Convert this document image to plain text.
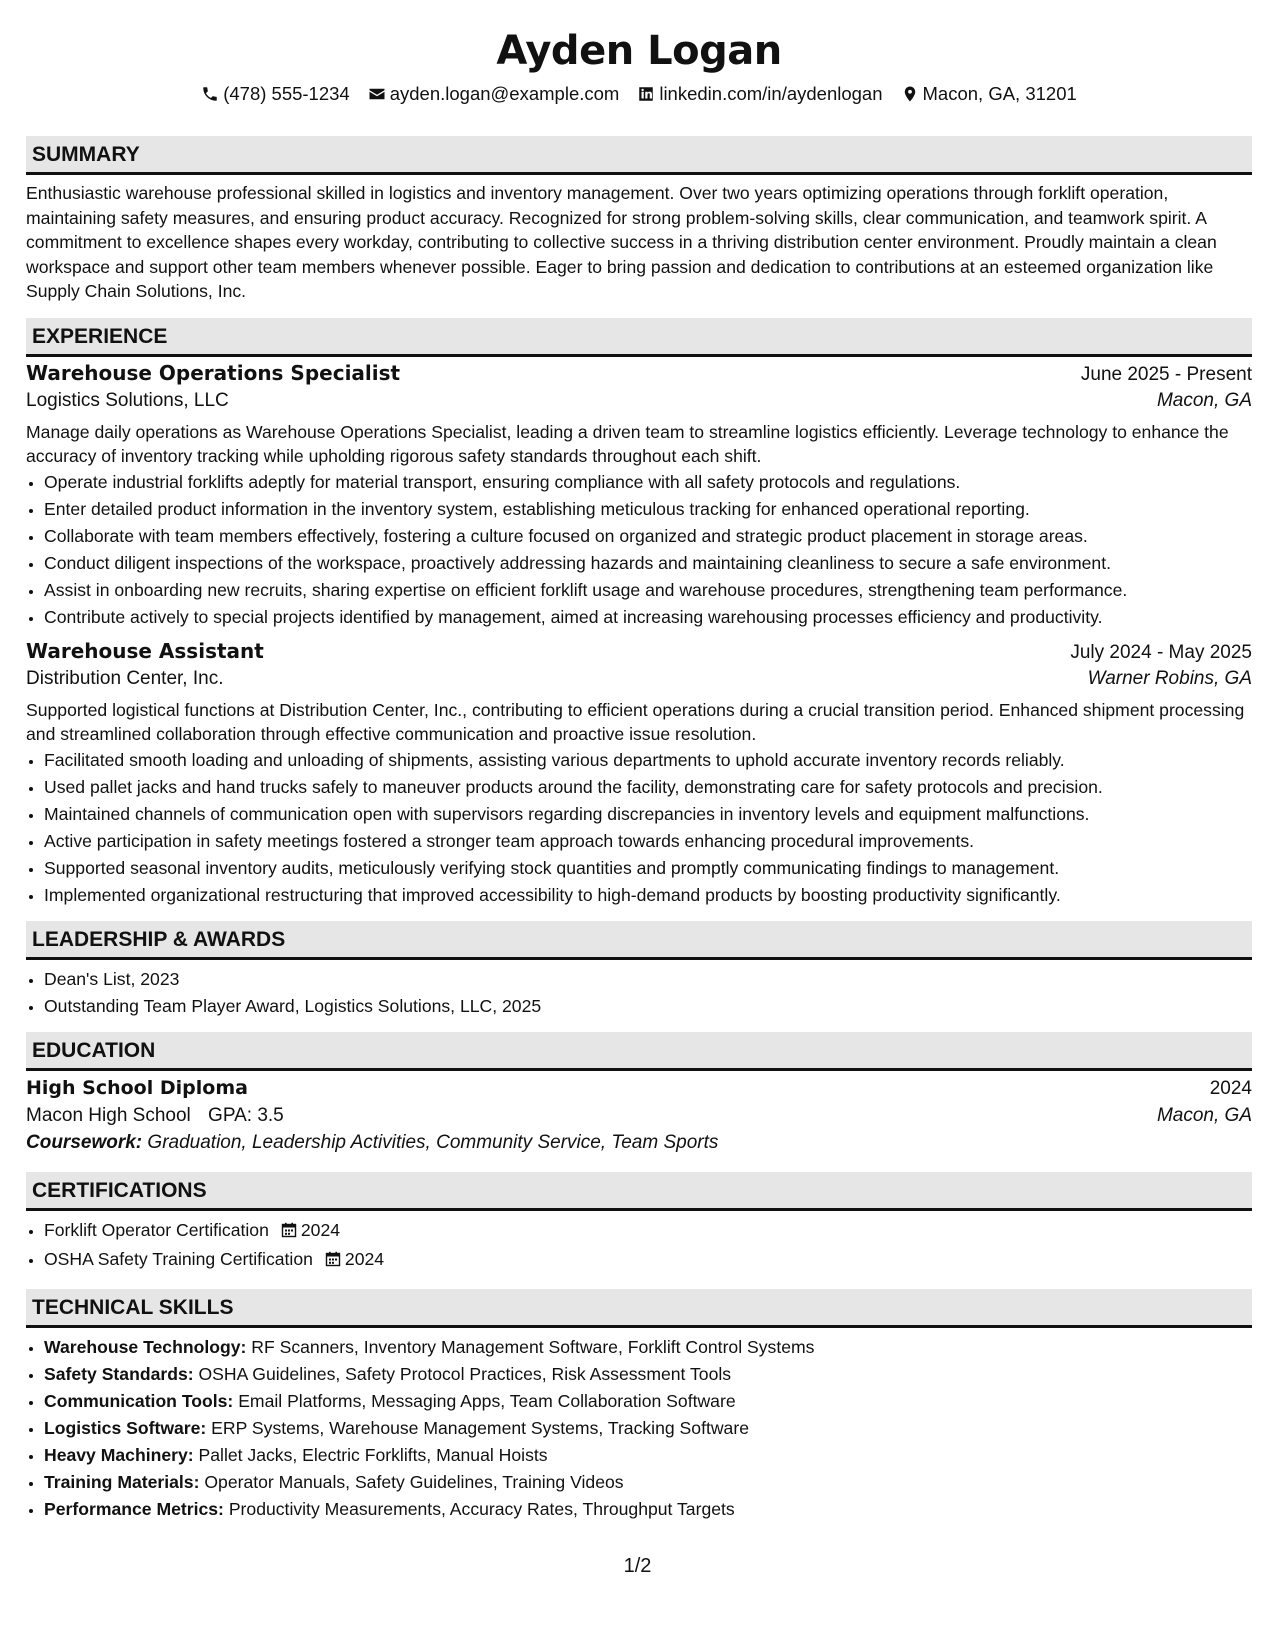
Ayden Logan
(478) 555-1234 ayden.logan@example.com linkedin.com/in/aydenlogan Macon, GA, 31201
SUMMARY

Enthusiastic warehouse professional skilled in logistics and inventory management. Over two years optimizing operations through forklift operation, maintaining safety measures, and ensuring product accuracy. Recognized for strong problem-solving skills, clear communication, and teamwork spirit. A commitment to excellence shapes every workday, contributing to collective success in a thriving distribution center environment. Proudly maintain a clean workspace and support other team members whenever possible. Eager to bring passion and dedication to contributions at an esteemed organization like Supply Chain Solutions, Inc.

EXPERIENCE
Warehouse Operations Specialist	June 2025 - Present
Logistics Solutions, LLC	Macon, GA

Manage daily operations as Warehouse Operations Specialist, leading a driven team to streamline logistics efficiently. Leverage technology to enhance the accuracy of inventory tracking while upholding rigorous safety standards throughout each shift.

• Operate industrial forklifts adeptly for material transport, ensuring compliance with all safety protocols and regulations.
• Enter detailed product information in the inventory system, establishing meticulous tracking for enhanced operational reporting.
• Collaborate with team members effectively, fostering a culture focused on organized and strategic product placement in storage areas.
• Conduct diligent inspections of the workspace, proactively addressing hazards and maintaining cleanliness to secure a safe environment.
• Assist in onboarding new recruits, sharing expertise on efficient forklift usage and warehouse procedures, strengthening team performance.
• Contribute actively to special projects identified by management, aimed at increasing warehousing processes efficiency and productivity.
Warehouse Assistant	July 2024 - May 2025
Distribution Center, Inc.	Warner Robins, GA

Supported logistical functions at Distribution Center, Inc., contributing to efficient operations during a crucial transition period. Enhanced shipment processing and streamlined collaboration through effective communication and proactive issue resolution.

• Facilitated smooth loading and unloading of shipments, assisting various departments to uphold accurate inventory records reliably.
• Used pallet jacks and hand trucks safely to maneuver products around the facility, demonstrating care for safety protocols and precision.
• Maintained channels of communication open with supervisors regarding discrepancies in inventory levels and equipment malfunctions.
• Active participation in safety meetings fostered a stronger team approach towards enhancing procedural improvements.
• Supported seasonal inventory audits, meticulously verifying stock quantities and promptly communicating findings to management.
• Implemented organizational restructuring that improved accessibility to high-demand products by boosting productivity significantly.
LEADERSHIP & AWARDS
• Dean's List, 2023
• Outstanding Team Player Award, Logistics Solutions, LLC, 2025
EDUCATION
High School Diploma	2024
Macon High School GPA: 3.5	Macon, GA
Coursework: Graduation, Leadership Activities, Community Service, Team Sports
CERTIFICATIONS
• Forklift Operator Certification 2024
• OSHA Safety Training Certification 2024
TECHNICAL SKILLS
• Warehouse Technology: RF Scanners, Inventory Management Software, Forklift Control Systems
• Safety Standards: OSHA Guidelines, Safety Protocol Practices, Risk Assessment Tools
• Communication Tools: Email Platforms, Messaging Apps, Team Collaboration Software
• Logistics Software: ERP Systems, Warehouse Management Systems, Tracking Software
• Heavy Machinery: Pallet Jacks, Electric Forklifts, Manual Hoists
• Training Materials: Operator Manuals, Safety Guidelines, Training Videos
• Performance Metrics: Productivity Measurements, Accuracy Rates, Throughput Targets
1/2
